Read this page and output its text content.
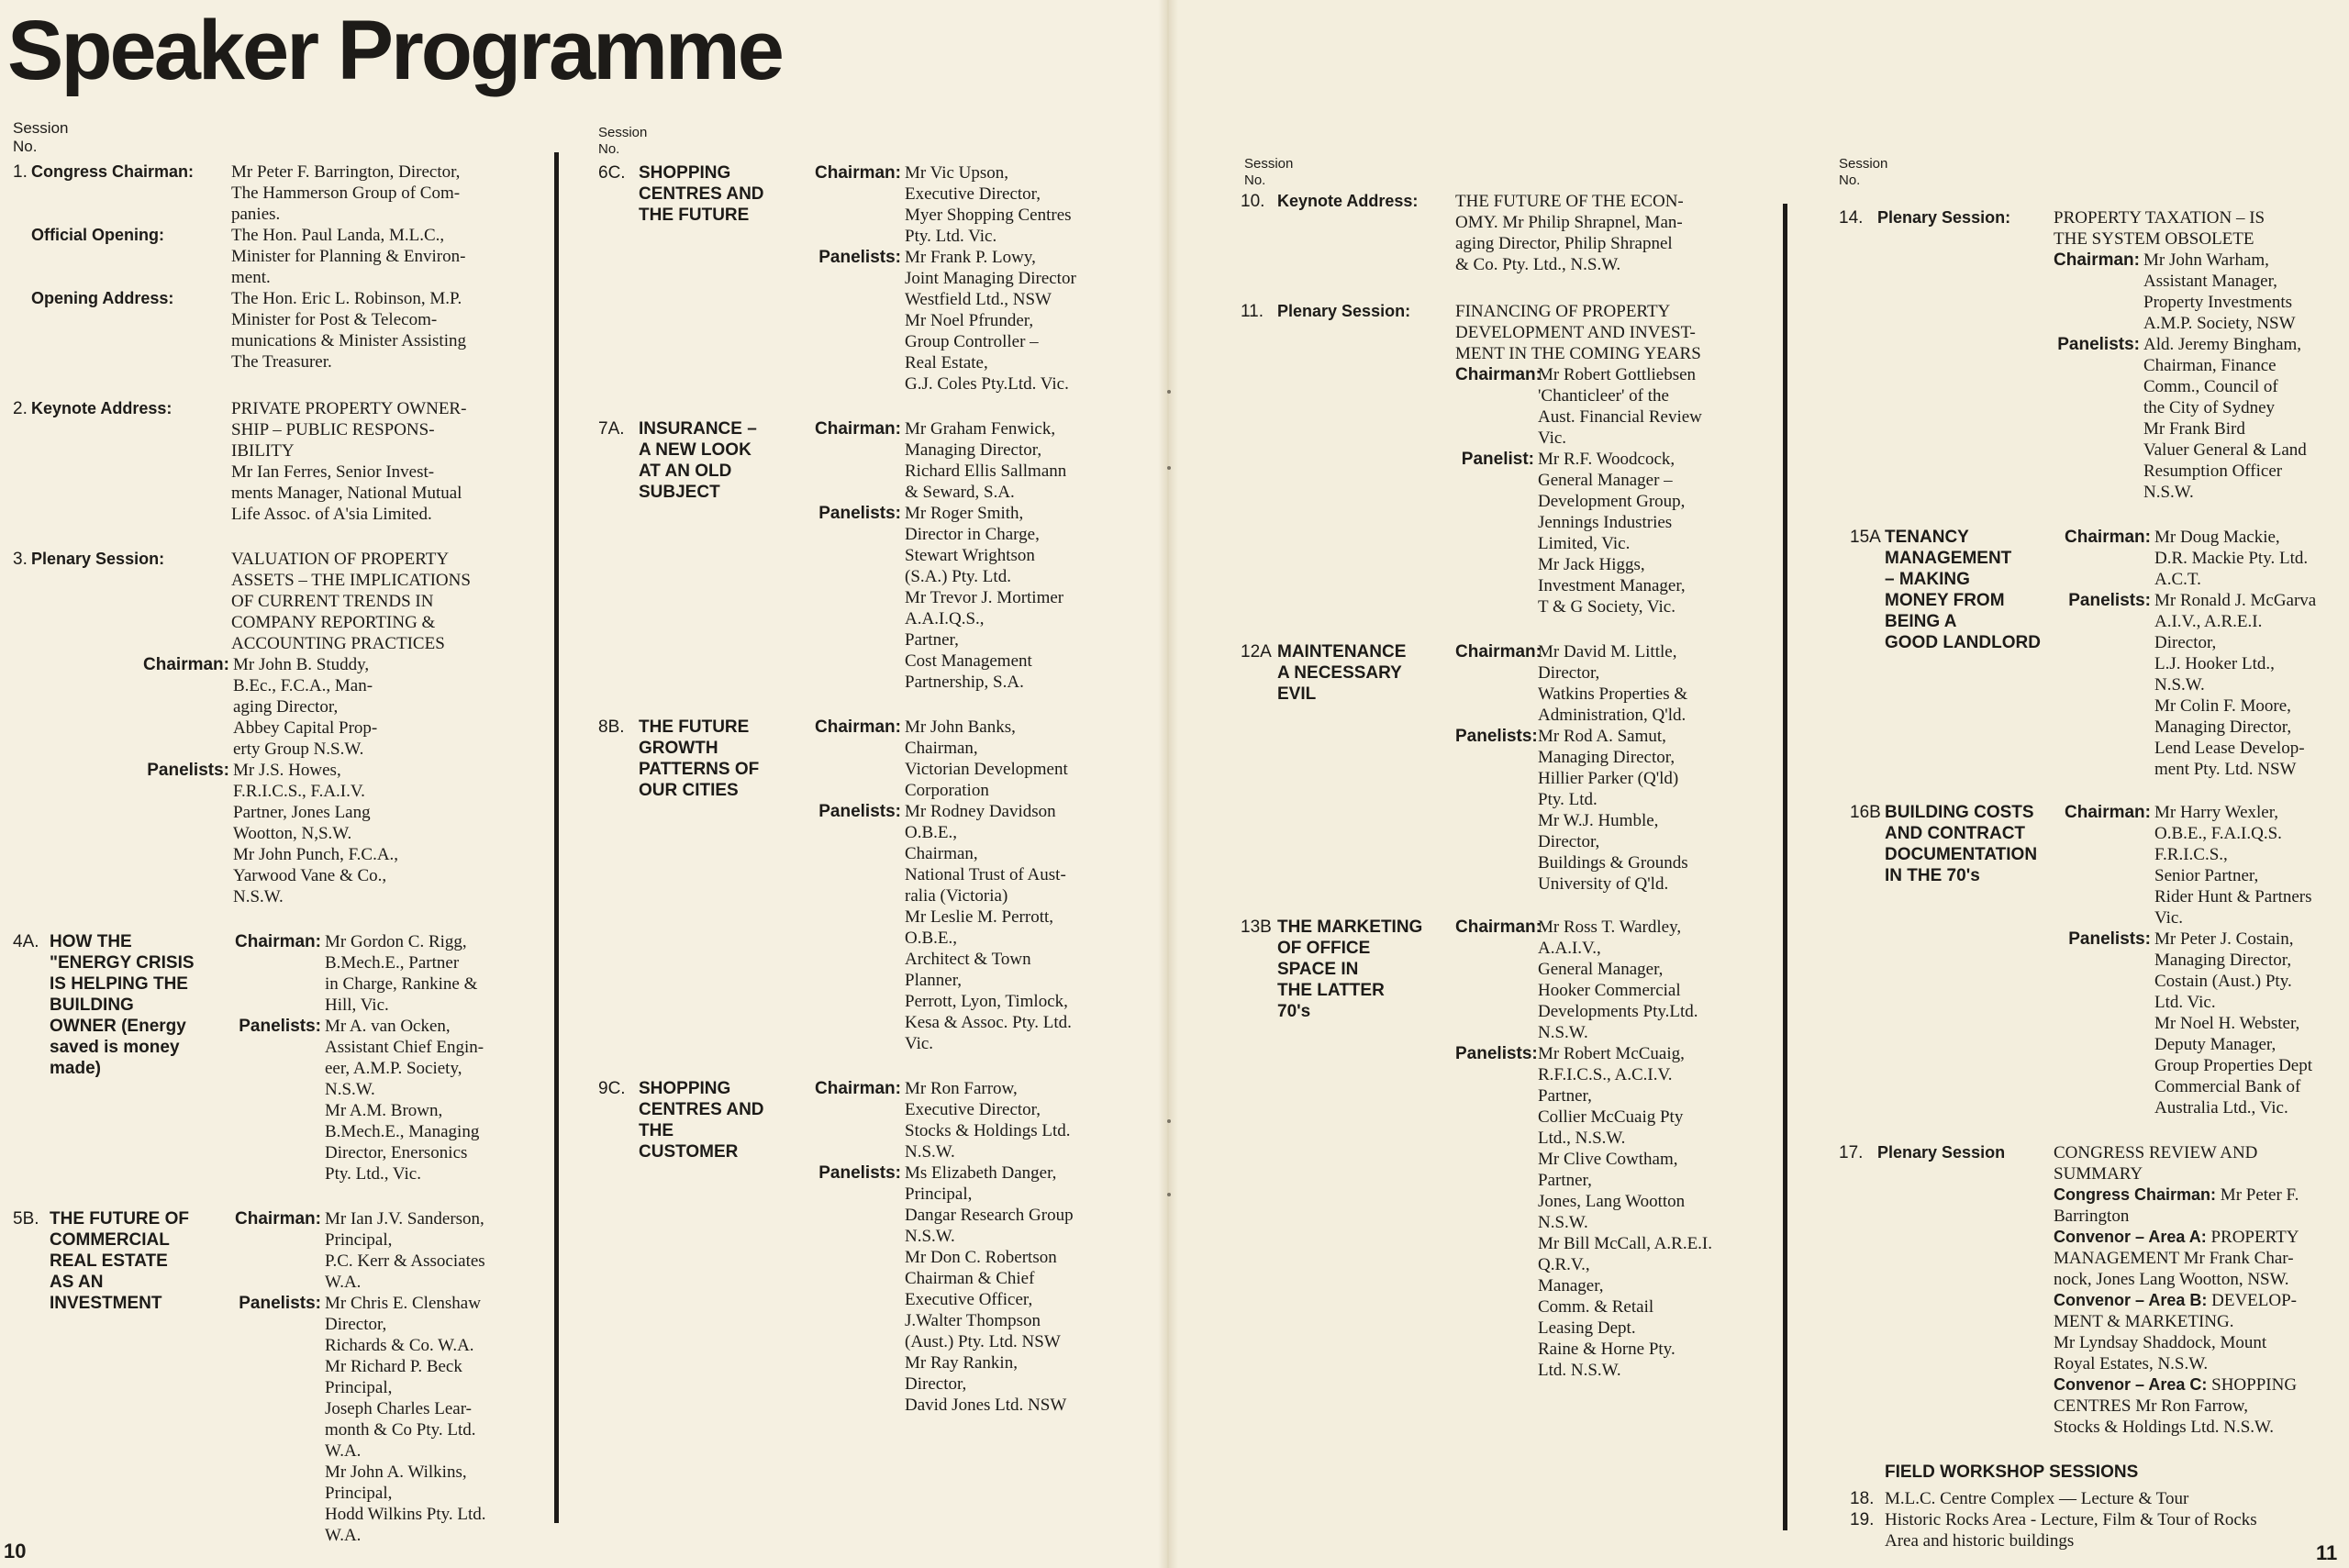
Speaker Programme
Session
No.
Session
No.
1. Congress Chairman:	Mr Peter F. Barrington, Director,
The Hammerson Group of Com-
panies.
Official Opening:	The Hon. Paul Landa, M.L.C.,
Minister for Planning & Environ-
ment.
Opening Address:	The Hon. Eric L. Robinson, M.P.
Minister for Post & Telecom-
munications & Minister Assisting
The Treasurer.
2. Keynote Address:	PRIVATE PROPERTY OWNER-
SHIP – PUBLIC RESPONS-
IBILITY
Mr Ian Ferres, Senior Invest-
ments Manager, National Mutual
Life Assoc. of A'sia Limited.
3. Plenary Session:	VALUATION OF PROPERTY
ASSETS – THE IMPLICATIONS
OF CURRENT TRENDS IN
COMPANY REPORTING &
ACCOUNTING PRACTICES
Chairman: Mr John B. Studdy,
B.Ec., F.C.A., Man-
aging Director,
Abbey Capital Prop-
erty Group N.S.W.
Panelists: Mr J.S. Howes,
F.R.I.C.S., F.A.I.V.
Partner, Jones Lang
Wootton, N,S.W.
Mr John Punch, F.C.A.,
Yarwood Vane & Co.,
N.S.W.
4A. HOW THE
"ENERGY CRISIS
IS HELPING THE
BUILDING
OWNER (Energy
saved is money
made)
Chairman: Mr Gordon C. Rigg,
B.Mech.E., Partner
in Charge, Rankine &
Hill, Vic.
Panelists: Mr A. van Ocken,
Assistant Chief Engin-
eer, A.M.P. Society,
N.S.W.
Mr A.M. Brown,
B.Mech.E., Managing
Director, Enersonics
Pty. Ltd., Vic.
5B. THE FUTURE OF
COMMERCIAL
REAL ESTATE
AS AN
INVESTMENT
Chairman: Mr Ian J.V. Sanderson,
Principal,
P.C. Kerr & Associates
W.A.
Panelists: Mr Chris E. Clenshaw
Director,
Richards & Co. W.A.
Mr Richard P. Beck
Principal,
Joseph Charles Lear-
month & Co Pty. Ltd.
W.A.
Mr John A. Wilkins,
Principal,
Hodd Wilkins Pty. Ltd.
W.A.
6C. SHOPPING
CENTRES AND
THE FUTURE
Chairman: Mr Vic Upson,
Executive Director,
Myer Shopping Centres
Pty. Ltd. Vic.
Panelists: Mr Frank P. Lowy,
Joint Managing Director
Westfield Ltd., NSW
Mr Noel Pfrunder,
Group Controller –
Real Estate,
G.J. Coles Pty.Ltd. Vic.
7A. INSURANCE –
A NEW LOOK
AT AN OLD
SUBJECT
Chairman: Mr Graham Fenwick,
Managing Director,
Richard Ellis Sallmann
& Seward, S.A.
Panelists: Mr Roger Smith,
Director in Charge,
Stewart Wrightson
(S.A.) Pty. Ltd.
Mr Trevor J. Mortimer
A.A.I.Q.S.,
Partner,
Cost Management
Partnership, S.A.
8B. THE FUTURE
GROWTH
PATTERNS OF
OUR CITIES
Chairman: Mr John Banks,
Chairman,
Victorian Development
Corporation
Panelists: Mr Rodney Davidson
O.B.E.,
Chairman,
National Trust of Aust-
ralia (Victoria)
Mr Leslie M. Perrott,
O.B.E.,
Architect & Town
Planner,
Perrott, Lyon, Timlock,
Kesa & Assoc. Pty. Ltd.
Vic.
9C. SHOPPING
CENTRES AND
THE
CUSTOMER
Chairman: Mr Ron Farrow,
Executive Director,
Stocks & Holdings Ltd.
N.S.W.
Panelists: Ms Elizabeth Danger,
Principal,
Dangar Research Group
N.S.W.
Mr Don C. Robertson
Chairman & Chief
Executive Officer,
J.Walter Thompson
(Aust.) Pty. Ltd. NSW
Mr Ray Rankin,
Director,
David Jones Ltd. NSW
10
Session
No.
Session
No.
10. Keynote Address:	THE FUTURE OF THE ECON-
OMY. Mr Philip Shrapnel, Man-
aging Director, Philip Shrapnel
& Co. Pty. Ltd., N.S.W.
11. Plenary Session:	FINANCING OF PROPERTY
DEVELOPMENT AND INVEST-
MENT IN THE COMING YEARS
Chairman:
Mr Robert Gottliebsen
'Chanticleer' of the
Aust. Financial Review
Vic.
Panelist: Mr R.F. Woodcock,
General Manager –
Development Group,
Jennings Industries
Limited, Vic.
Mr Jack Higgs,
Investment Manager,
T & G Society, Vic.
12A MAINTENANCE
A NECESSARY
EVIL
Chairman:
Mr David M. Little,
Director,
Watkins Properties &
Administration, Q'ld.
Panelists: Mr Rod A. Samut,
Managing Director,
Hillier Parker (Q'ld)
Pty. Ltd.
Mr W.J. Humble,
Director,
Buildings & Grounds
University of Q'ld.
13B THE MARKETING
OF OFFICE
SPACE IN
THE LATTER
70's
Chairman:
Mr Ross T. Wardley,
A.A.I.V.,
General Manager,
Hooker Commercial
Developments Pty.Ltd.
N.S.W.
Panelists: Mr Robert McCuaig,
R.F.I.C.S., A.C.I.V.
Partner,
Collier McCuaig Pty
Ltd., N.S.W.
Mr Clive Cowtham,
Partner,
Jones, Lang Wootton
N.S.W.
Mr Bill McCall, A.R.E.I.
Q.R.V.,
Manager,
Comm. & Retail
Leasing Dept.
Raine & Horne Pty.
Ltd. N.S.W.
14. Plenary Session:	PROPERTY TAXATION – IS
THE SYSTEM OBSOLETE
Chairman: Mr John Warham,
Assistant Manager,
Property Investments
A.M.P. Society, NSW
Panelists: Ald. Jeremy Bingham,
Chairman, Finance
Comm., Council of
the City of Sydney
Mr Frank Bird
Valuer General & Land
Resumption Officer
N.S.W.
15A TENANCY
MANAGEMENT
– MAKING
MONEY FROM
BEING A
GOOD LANDLORD
Chairman: Mr Doug Mackie,
D.R. Mackie Pty. Ltd.
A.C.T.
Panelists: Mr Ronald J. McGarva
A.I.V., A.R.E.I.
Director,
L.J. Hooker Ltd.,
N.S.W.
Mr Colin F. Moore,
Managing Director,
Lend Lease Develop-
ment Pty. Ltd. NSW
16B BUILDING COSTS
AND CONTRACT
DOCUMENTATION
IN THE 70's
Chairman: Mr Harry Wexler,
O.B.E., F.A.I.Q.S.
F.R.I.C.S.,
Senior Partner,
Rider Hunt & Partners
Vic.
Panelists: Mr Peter J. Costain,
Managing Director,
Costain (Aust.) Pty.
Ltd. Vic.
Mr Noel H. Webster,
Deputy Manager,
Group Properties Dept
Commercial Bank of
Australia Ltd., Vic.
17. Plenary Session	CONGRESS REVIEW AND
SUMMARY
Congress Chairman: Mr Peter F.
Barrington
Convenor – Area A: PROPERTY
MANAGEMENT Mr Frank Char-
nock, Jones Lang Wootton, NSW.
Convenor – Area B: DEVELOP-
MENT & MARKETING.
Mr Lyndsay Shaddock, Mount
Royal Estates, N.S.W.
Convenor – Area C: SHOPPING
CENTRES Mr Ron Farrow,
Stocks & Holdings Ltd. N.S.W.
FIELD WORKSHOP SESSIONS
18. M.L.C. Centre Complex — Lecture & Tour
19. Historic Rocks Area - Lecture, Film & Tour of Rocks
Area and historic buildings
11
